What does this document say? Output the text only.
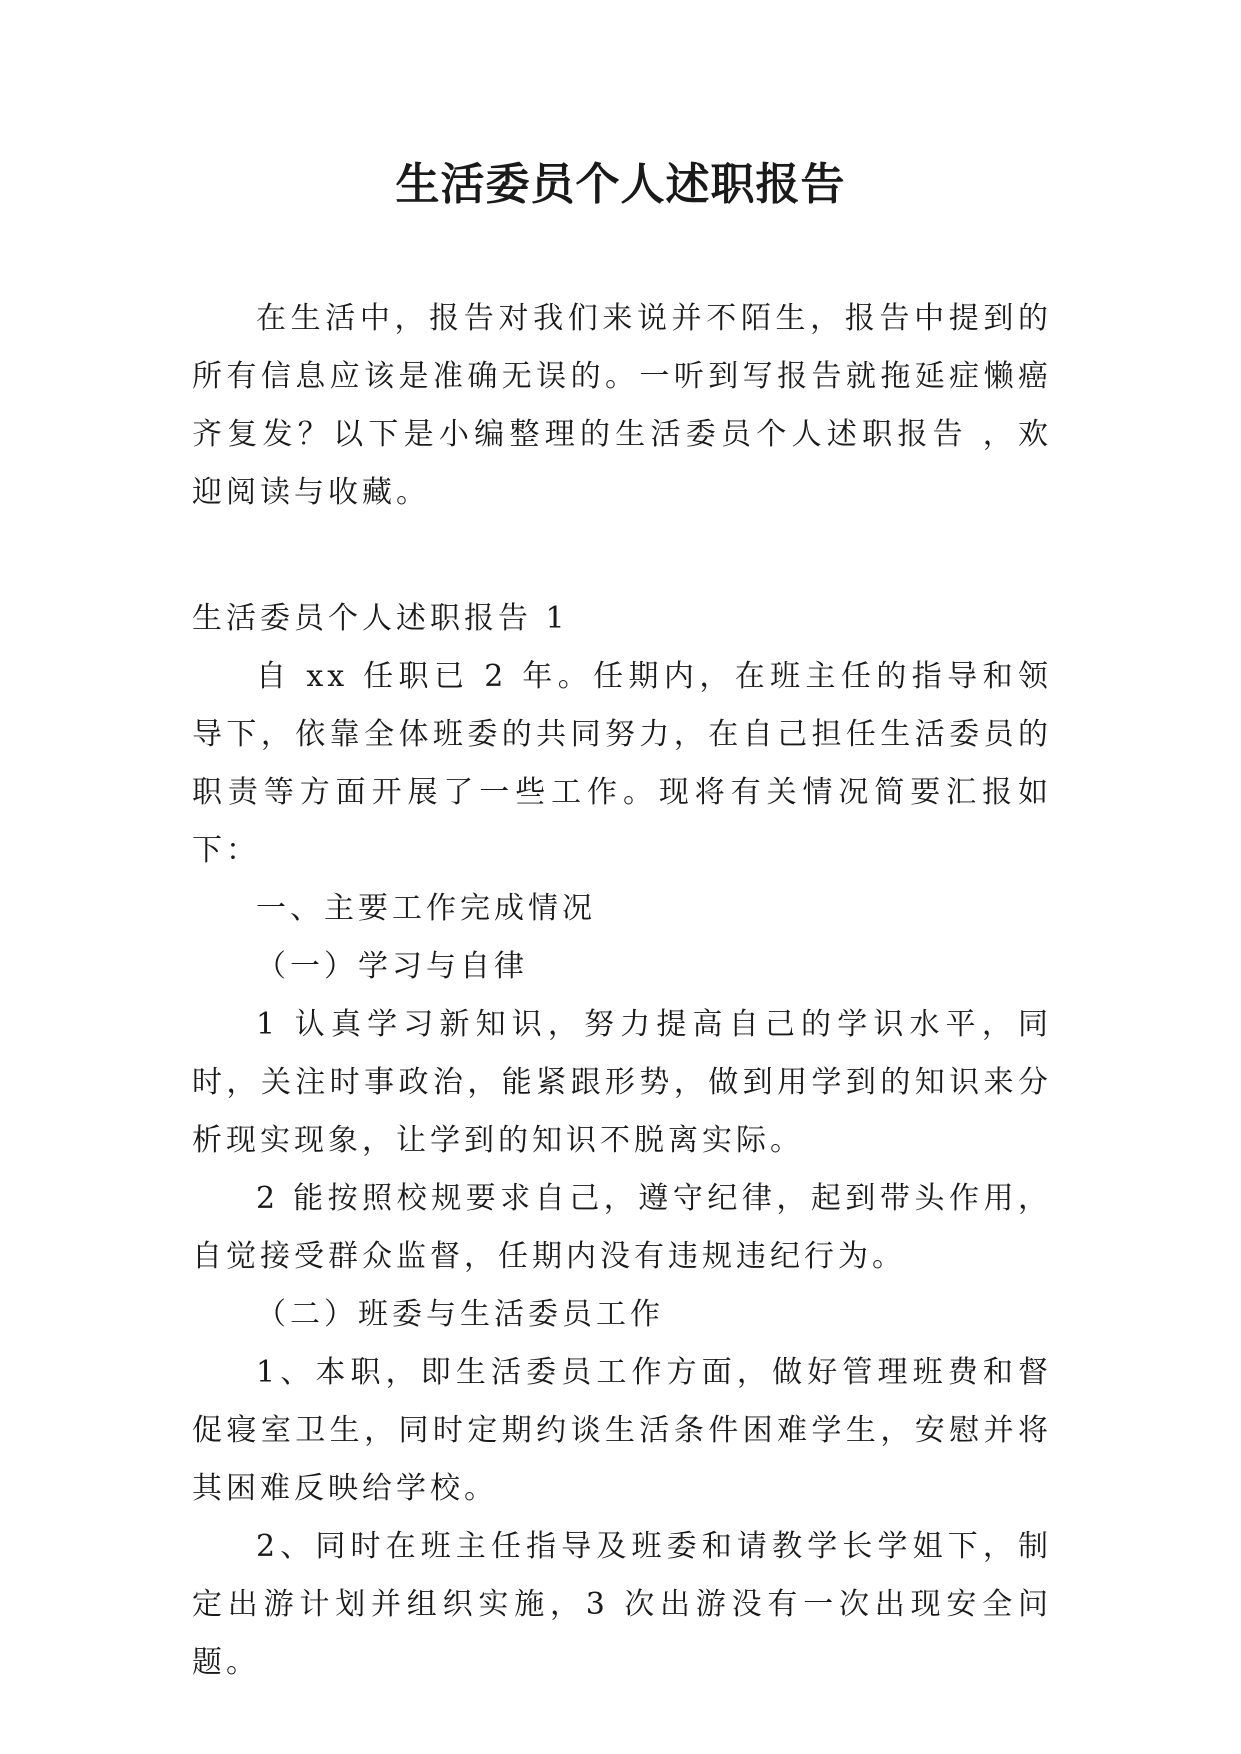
生活委员个人述职报告

在生活中，报告对我们来说并不陌生，报告中提到的所有信息应该是准确无误的。一听到写报告就拖延症懒癌齐复发？以下是小编整理的生活委员个人述职报告 ，欢迎阅读与收藏。

生活委员个人述职报告 1

自 xx 任职已 2 年。任期内，在班主任的指导和领导下，依靠全体班委的共同努力，在自己担任生活委员的职责等方面开展了一些工作。现将有关情况简要汇报如下：

一、主要工作完成情况

（一）学习与自律

1 认真学习新知识，努力提高自己的学识水平，同时，关注时事政治，能紧跟形势，做到用学到的知识来分析现实现象，让学到的知识不脱离实际。

2 能按照校规要求自己，遵守纪律，起到带头作用，自觉接受群众监督，任期内没有违规违纪行为。

（二）班委与生活委员工作

1、本职，即生活委员工作方面，做好管理班费和督促寝室卫生，同时定期约谈生活条件困难学生，安慰并将其困难反映给学校。

2、同时在班主任指导及班委和请教学长学姐下，制定出游计划并组织实施，3 次出游没有一次出现安全问题。
